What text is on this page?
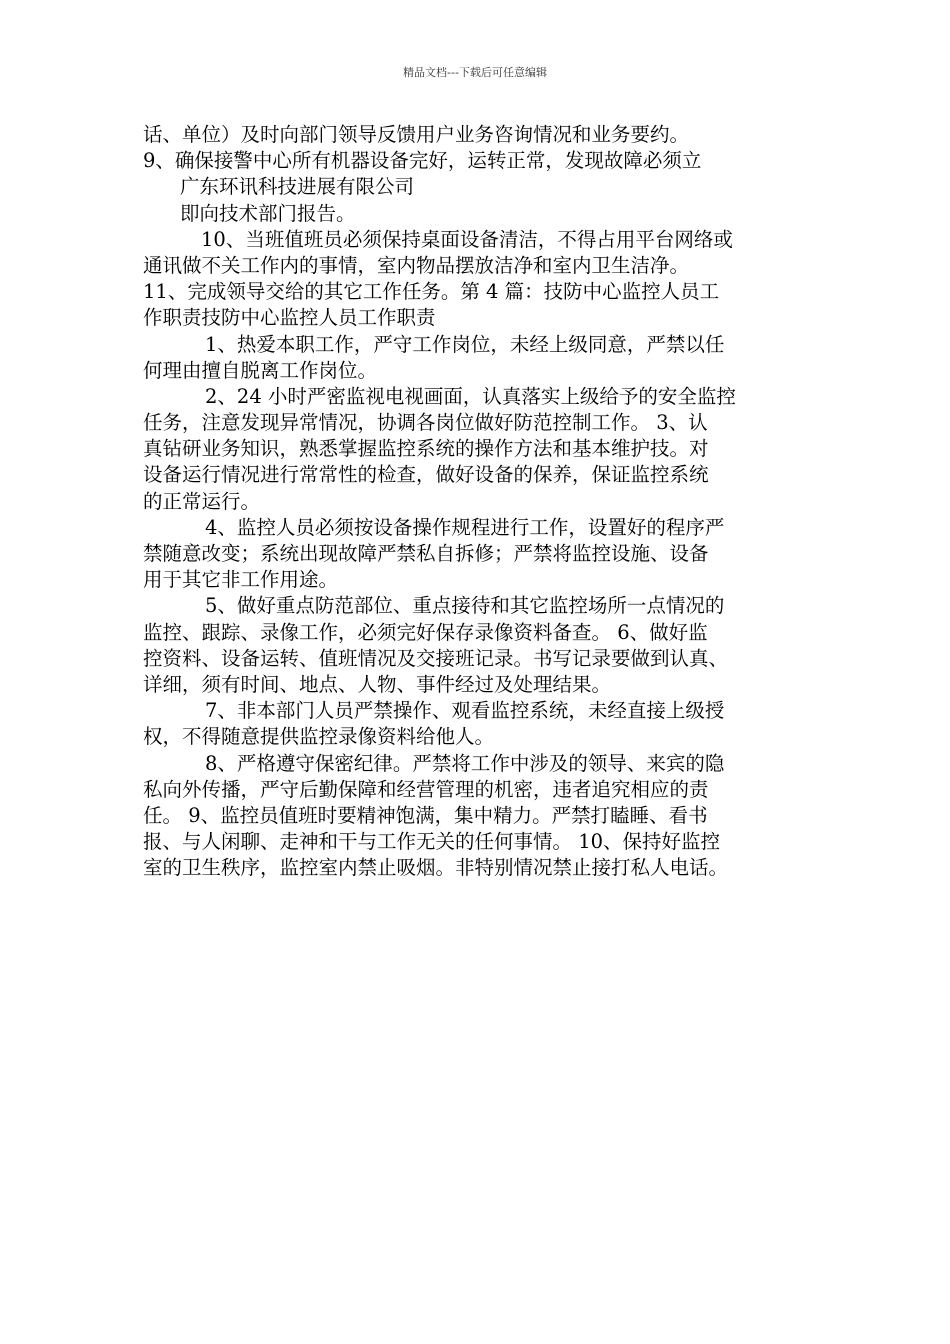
精品文档---下载后可任意编辑
话、单位）及时向部门领导反馈用户业务咨询情况和业务要约。
9、确保接警中心所有机器设备完好，运转正常，发现故障必须立
广东环讯科技进展有限公司
即向技术部门报告。
10、当班值班员必须保持桌面设备清洁，不得占用平台网络或
通讯做不关工作内的事情，室内物品摆放洁净和室内卫生洁净。
11、完成领导交给的其它工作任务。第 4 篇：技防中心监控人员工
作职责技防中心监控人员工作职责
1、热爱本职工作，严守工作岗位，未经上级同意，严禁以任
何理由擅自脱离工作岗位。
2、24 小时严密监视电视画面，认真落实上级给予的安全监控
任务，注意发现异常情况，协调各岗位做好防范控制工作。 3、认
真钻研业务知识，熟悉掌握监控系统的操作方法和基本维护技。对
设备运行情况进行常常性的检查，做好设备的保养，保证监控系统
的正常运行。
4、监控人员必须按设备操作规程进行工作，设置好的程序严
禁随意改变；系统出现故障严禁私自拆修；严禁将监控设施、设备
用于其它非工作用途。
5、做好重点防范部位、重点接待和其它监控场所一点情况的
监控、跟踪、录像工作，必须完好保存录像资料备查。 6、做好监
控资料、设备运转、值班情况及交接班记录。书写记录要做到认真、
详细，须有时间、地点、人物、事件经过及处理结果。
7、非本部门人员严禁操作、观看监控系统，未经直接上级授
权，不得随意提供监控录像资料给他人。
8、严格遵守保密纪律。严禁将工作中涉及的领导、来宾的隐
私向外传播，严守后勤保障和经营管理的机密，违者追究相应的责
任。 9、监控员值班时要精神饱满，集中精力。严禁打瞌睡、看书
报、与人闲聊、走神和干与工作无关的任何事情。 10、保持好监控
室的卫生秩序，监控室内禁止吸烟。非特别情况禁止接打私人电话。
